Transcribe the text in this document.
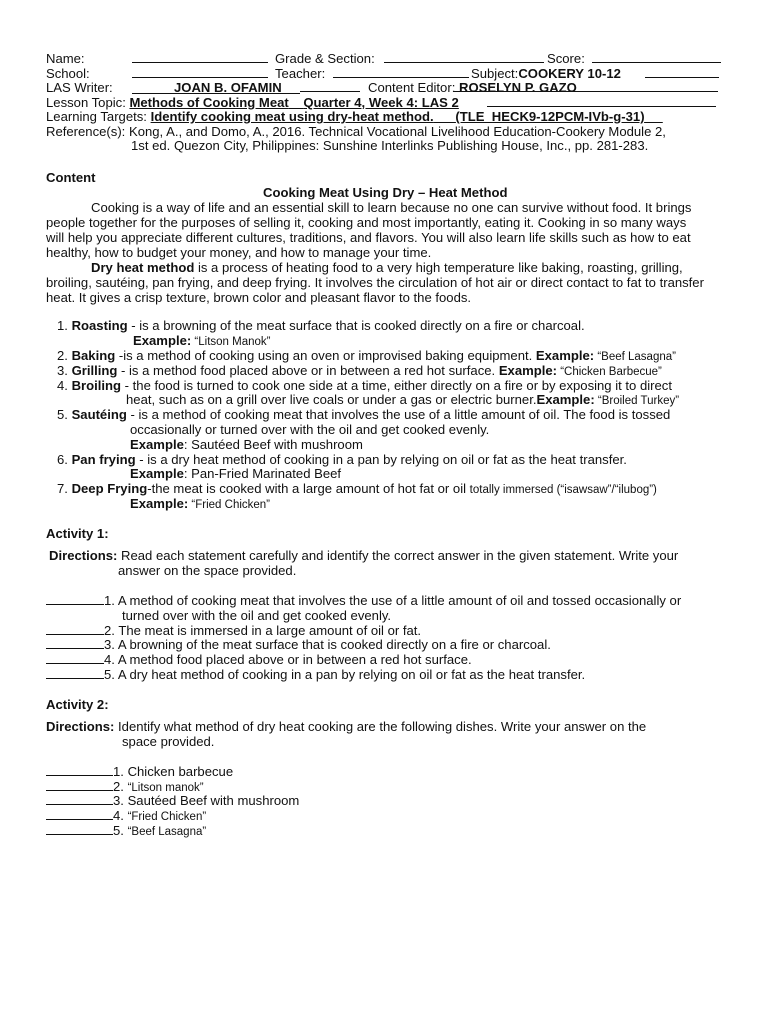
Name:	Grade & Section:	Score:
School:	Teacher:	Subject:COOKERY 10-12
LAS Writer:	JOAN B. OFAMIN	Content Editor: ROSELYN P. GAZO
Lesson Topic: Methods of Cooking Meat Quarter 4, Week 4: LAS 2
Learning Targets: Identify cooking meat using dry-heat method. (TLE_HECK9-12PCM-IVb-g-31)
Reference(s): Kong, A., and Domo, A., 2016. Technical Vocational Livelihood Education-Cookery Module 2,
1st ed. Quezon City, Philippines: Sunshine Interlinks Publishing House, Inc., pp. 281-283.
Content
Cooking Meat Using Dry – Heat Method
Cooking is a way of life and an essential skill to learn because no one can survive without food. It brings
people together for the purposes of selling it, cooking and most importantly, eating it. Cooking in so many ways
will help you appreciate different cultures, traditions, and flavors. You will also learn life skills such as how to eat
healthy, how to budget your money, and how to manage your time.
Dry heat method is a process of heating food to a very high temperature like baking, roasting, grilling,
broiling, sautéing, pan frying, and deep frying. It involves the circulation of hot air or direct contact to fat to transfer
heat. It gives a crisp texture, brown color and pleasant flavor to the foods.
1. Roasting - is a browning of the meat surface that is cooked directly on a fire or charcoal.
Example: “Litson Manok”
2. Baking -is a method of cooking using an oven or improvised baking equipment. Example: “Beef Lasagna”
3. Grilling - is a method food placed above or in between a red hot surface. Example: “Chicken Barbecue”
4. Broiling - the food is turned to cook one side at a time, either directly on a fire or by exposing it to direct
heat, such as on a grill over live coals or under a gas or electric burner.Example: “Broiled Turkey”
5. Sautéing - is a method of cooking meat that involves the use of a little amount of oil. The food is tossed
occasionally or turned over with the oil and get cooked evenly.
Example: Sautéed Beef with mushroom
6. Pan frying - is a dry heat method of cooking in a pan by relying on oil or fat as the heat transfer.
Example: Pan-Fried Marinated Beef
7. Deep Frying-the meat is cooked with a large amount of hot fat or oil totally immersed (“isawsaw”/“ilubog”)
Example: “Fried Chicken”
Activity 1:
Directions: Read each statement carefully and identify the correct answer in the given statement. Write your
answer on the space provided.
1. A method of cooking meat that involves the use of a little amount of oil and tossed occasionally or
turned over with the oil and get cooked evenly.
2. The meat is immersed in a large amount of oil or fat.
3. A browning of the meat surface that is cooked directly on a fire or charcoal.
4. A method food placed above or in between a red hot surface.
5. A dry heat method of cooking in a pan by relying on oil or fat as the heat transfer.
Activity 2:
Directions: Identify what method of dry heat cooking are the following dishes. Write your answer on the
space provided.
1. Chicken barbecue
2. “Litson manok”
3. Sautéed Beef with mushroom
4. “Fried Chicken”
5. “Beef Lasagna”
